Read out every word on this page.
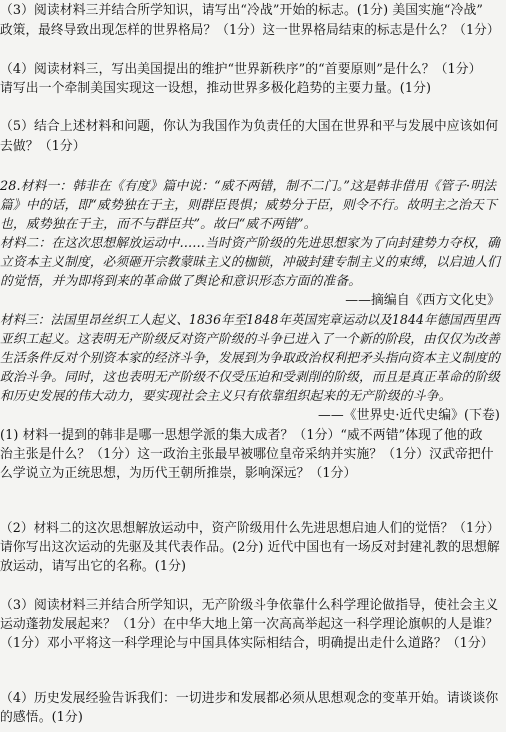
（3）阅读材料三并结合所学知识，请写出“冷战”开始的标志。(1分) 美国实施“冷战”
政策，最终导致出现怎样的世界格局？（1分）这一世界格局结束的标志是什么？（1分）
（4）阅读材料三，写出美国提出的维护“世界新秩序”的“首要原则”是什么？（1分）
请写出一个牵制美国实现这一设想，推动世界多极化趋势的主要力量。(1分)
（5）结合上述材料和问题，你认为我国作为负责任的大国在世界和平与发展中应该如何
去做？（1分）
28.材料一：韩非在《有度》篇中说：“威不两错，制不二门。”这是韩非借用《管子·明法
篇》中的话，即“威势独在于主，则群臣畏惧；威势分于臣，则令不行。故明主之治天下
也，威势独在于主，而不与群臣共”。故曰“威不两错”。
材料二：在这次思想解放运动中……当时资产阶级的先进思想家为了向封建势力夺权，确
立资本主义制度，必须砸开宗教蒙昧主义的枷锁，冲破封建专制主义的束缚，以启迪人们
的觉悟，并为即将到来的革命做了舆论和意识形态方面的准备。
——摘编自《西方文化史》
材料三：法国里昂丝织工人起义、1836年至1848年英国宪章运动以及1844年德国西里西
亚织工起义。这表明无产阶级反对资产阶级的斗争已进入了一个新的阶段，由仅仅为改善
生活条件反对个别资本家的经济斗争，发展到为争取政治权利把矛头指向资本主义制度的
政治斗争。同时，这也表明无产阶级不仅受压迫和受剥削的阶级，而且是真正革命的阶级
和历史发展的伟大动力，要实现社会主义只有依靠组织起来的无产阶级的斗争。
——《世界史·近代史编》(下卷)
(1) 材料一提到的韩非是哪一思想学派的集大成者？（1分）“威不两错”体现了他的政
治主张是什么？（1分）这一政治主张最早被哪位皇帝采纳并实施？（1分）汉武帝把什
么学说立为正统思想，为历代王朝所推崇，影响深远？（1分）
（2）材料二的这次思想解放运动中，资产阶级用什么先进思想启迪人们的觉悟？（1分）
请你写出这次运动的先驱及其代表作品。(2分) 近代中国也有一场反对封建礼教的思想解
放运动，请写出它的名称。(1分)
（3）阅读材料三并结合所学知识，无产阶级斗争依靠什么科学理论做指导，使社会主义
运动蓬勃发展起来？（1分）在中华大地上第一次高高举起这一科学理论旗帜的人是谁？
（1分）邓小平将这一科学理论与中国具体实际相结合，明确提出走什么道路？（1分）
（4）历史发展经验告诉我们：一切进步和发展都必须从思想观念的变革开始。请谈谈你
的感悟。(1分)
